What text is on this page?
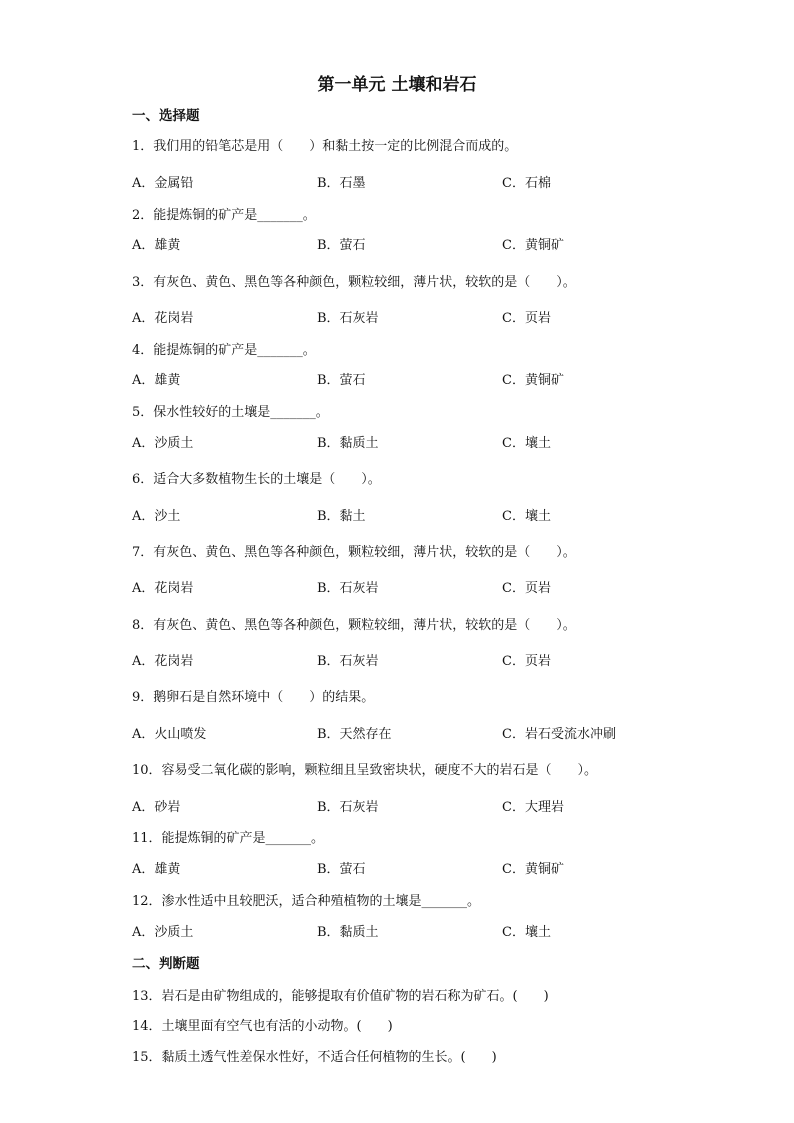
第一单元 土壤和岩石
一、选择题
1．我们用的铅笔芯是用（　　）和黏土按一定的比例混合而成的。
A．金属铅	B．石墨	C．石棉
2．能提炼铜的矿产是_______。
A．雄黄	B．萤石	C．黄铜矿
3．有灰色、黄色、黑色等各种颜色，颗粒较细，薄片状，较软的是（　　）。
A．花岗岩	B．石灰岩	C．页岩
4．能提炼铜的矿产是_______。
A．雄黄	B．萤石	C．黄铜矿
5．保水性较好的土壤是_______。
A．沙质土	B．黏质土	C．壤土
6．适合大多数植物生长的土壤是（　　）。
A．沙土	B．黏土	C．壤土
7．有灰色、黄色、黑色等各种颜色，颗粒较细，薄片状，较软的是（　　）。
A．花岗岩	B．石灰岩	C．页岩
8．有灰色、黄色、黑色等各种颜色，颗粒较细，薄片状，较软的是（　　）。
A．花岗岩	B．石灰岩	C．页岩
9．鹅卵石是自然环境中（　　）的结果。
A．火山喷发	B．天然存在	C．岩石受流水冲刷
10．容易受二氧化碳的影响，颗粒细且呈致密块状，硬度不大的岩石是（　　）。
A．砂岩	B．石灰岩	C．大理岩
11．能提炼铜的矿产是_______。
A．雄黄	B．萤石	C．黄铜矿
12．渗水性适中且较肥沃，适合种殖植物的土壤是_______。
A．沙质土	B．黏质土	C．壤土
二、判断题
13．岩石是由矿物组成的，能够提取有价值矿物的岩石称为矿石。(　　)
14．土壤里面有空气也有活的小动物。(　　)
15．黏质土透气性差保水性好，不适合任何植物的生长。(　　)
